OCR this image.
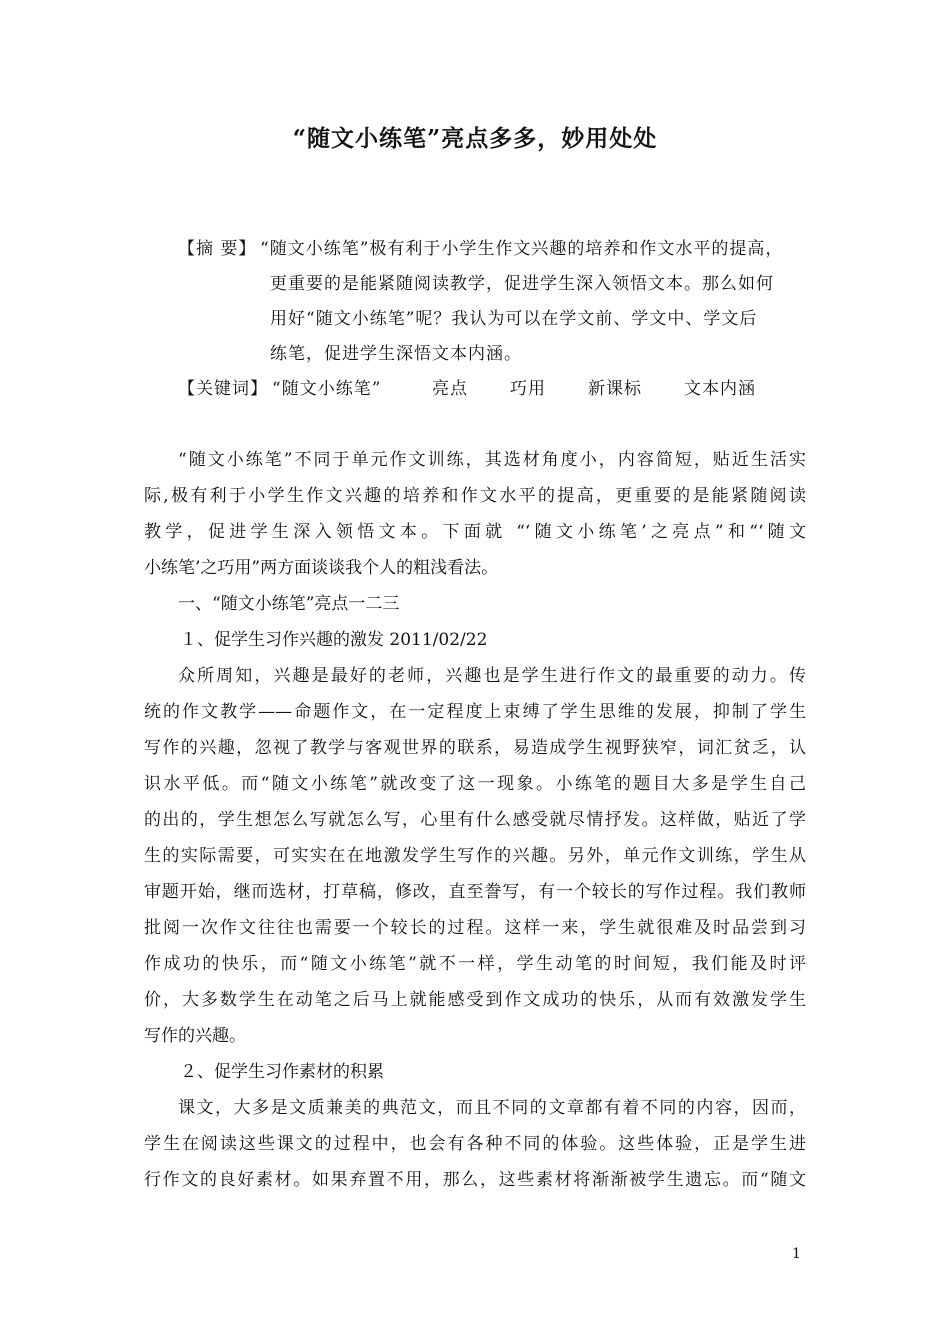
“随文小练笔”亮点多多，妙用处处
【摘 要】 “随文小练笔”极有利于小学生作文兴趣的培养和作文水平的提高，
更重要的是能紧随阅读教学，促进学生深入领悟文本。那么如何
用好“随文小练笔”呢？我认为可以在学文前、学文中、学文后
练笔，促进学生深悟文本内涵。
【关键词】 “随文小练笔”	亮点 巧用 新课标 文本内涵
“随文小练笔”不同于单元作文训练，其选材角度小，内容简短，贴近生活实
际,极有利于小学生作文兴趣的培养和作文水平的提高，更重要的是能紧随阅读
教学，促进学生深入领悟文本。下面就 “‘随文小练笔’之亮点”和“‘随文
小练笔’之巧用”两方面谈谈我个人的粗浅看法。
一、“随文小练笔”亮点一二三
１、促学生习作兴趣的激发 2011/02/22
众所周知，兴趣是最好的老师，兴趣也是学生进行作文的最重要的动力。传
统的作文教学——命题作文，在一定程度上束缚了学生思维的发展，抑制了学生
写作的兴趣，忽视了教学与客观世界的联系，易造成学生视野狭窄，词汇贫乏，认
识水平低。而“随文小练笔”就改变了这一现象。小练笔的题目大多是学生自己
的出的，学生想怎么写就怎么写，心里有什么感受就尽情抒发。这样做，贴近了学
生的实际需要，可实实在在地激发学生写作的兴趣。另外，单元作文训练，学生从
审题开始，继而选材，打草稿，修改，直至誊写，有一个较长的写作过程。我们教师
批阅一次作文往往也需要一个较长的过程。这样一来，学生就很难及时品尝到习
作成功的快乐，而“随文小练笔”就不一样，学生动笔的时间短，我们能及时评
价，大多数学生在动笔之后马上就能感受到作文成功的快乐，从而有效激发学生
写作的兴趣。
２、促学生习作素材的积累
课文，大多是文质兼美的典范文，而且不同的文章都有着不同的内容，因而，
学生在阅读这些课文的过程中，也会有各种不同的体验。这些体验，正是学生进
行作文的良好素材。如果弃置不用，那么，这些素材将渐渐被学生遗忘。而“随文
1
